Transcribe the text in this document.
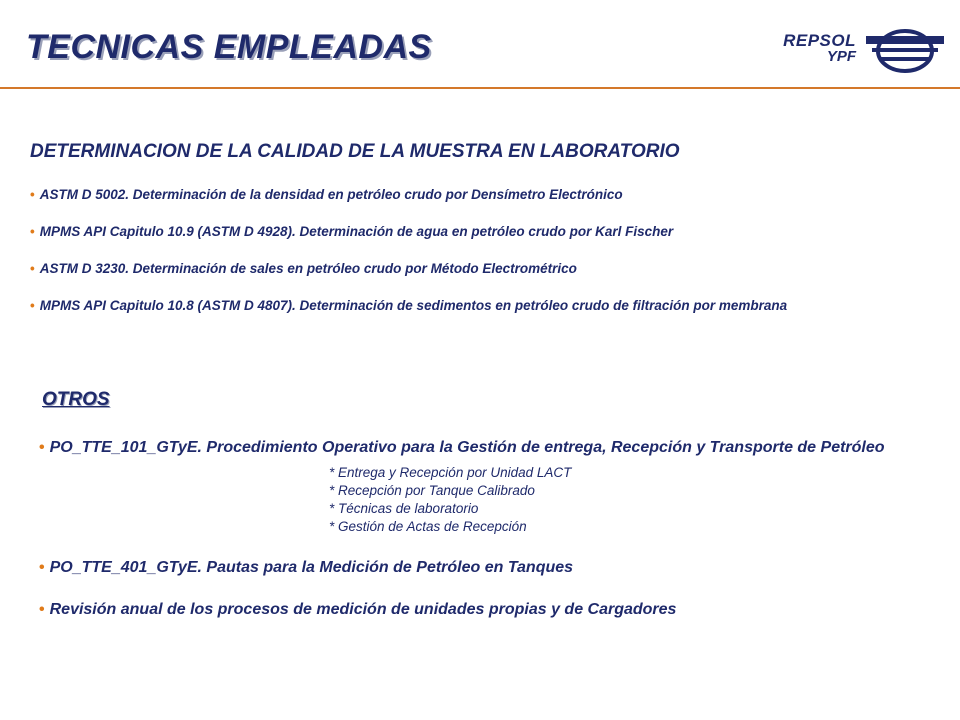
TECNICAS EMPLEADAS	REPSOL
YPF
DETERMINACION DE LA CALIDAD DE LA MUESTRA EN LABORATORIO
• ASTM D 5002. Determinación de la densidad en petróleo crudo por Densímetro Electrónico
• MPMS API Capitulo 10.9 (ASTM D 4928). Determinación de agua en petróleo crudo por Karl Fischer
• ASTM D 3230. Determinación de sales en petróleo crudo por Método Electrométrico
• MPMS API Capitulo 10.8 (ASTM D 4807). Determinación de sedimentos en petróleo crudo de filtración por membrana
OTROS
• PO_TTE_101_GTyE. Procedimiento Operativo para la Gestión de entrega, Recepción y Transporte de Petróleo
* Entrega y Recepción por Unidad LACT
* Recepción por Tanque Calibrado
* Técnicas de laboratorio
* Gestión de Actas de Recepción
• PO_TTE_401_GTyE. Pautas para la Medición de Petróleo en Tanques
• Revisión anual de los procesos de medición de unidades propias y de Cargadores
